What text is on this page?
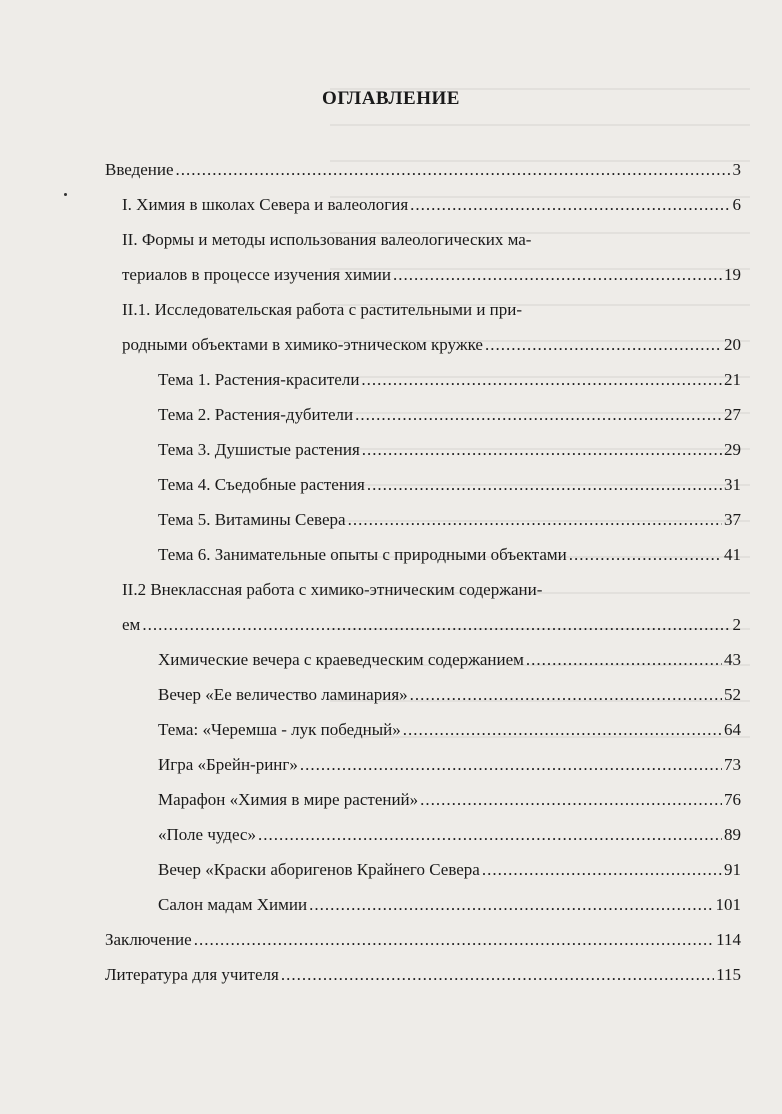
ОГЛАВЛЕНИЕ
Введение .....	3
I. Химия в школах Севера и валеология .....	6
II. Формы и методы использования валеологических ма-
териалов в процессе изучения химии .....	19
II.1. Исследовательская работа с растительными и при-
родными объектами в химико-этническом кружке .....	20
Тема 1. Растения-красители .....	21
Тема 2. Растения-дубители .....	27
Тема 3. Душистые растения .....	29
Тема 4. Съедобные растения .....	31
Тема 5. Витамины Севера .....	37
Тема 6. Занимательные опыты с природными объектами .....	41
II.2 Внеклассная работа с химико-этническим содержани-
ем .....	2
Химические вечера с краеведческим содержанием .....	43
Вечер «Ее величество ламинария» .....	52
Тема: «Черемша - лук победный» .....	64
Игра «Брейн-ринг» .....	73
Марафон «Химия в мире растений» .....	76
«Поле чудес» .....	89
Вечер «Краски аборигенов Крайнего Севера .....	91
Салон мадам Химии .....	101
Заключение .....	114
Литература для учителя .....	115
